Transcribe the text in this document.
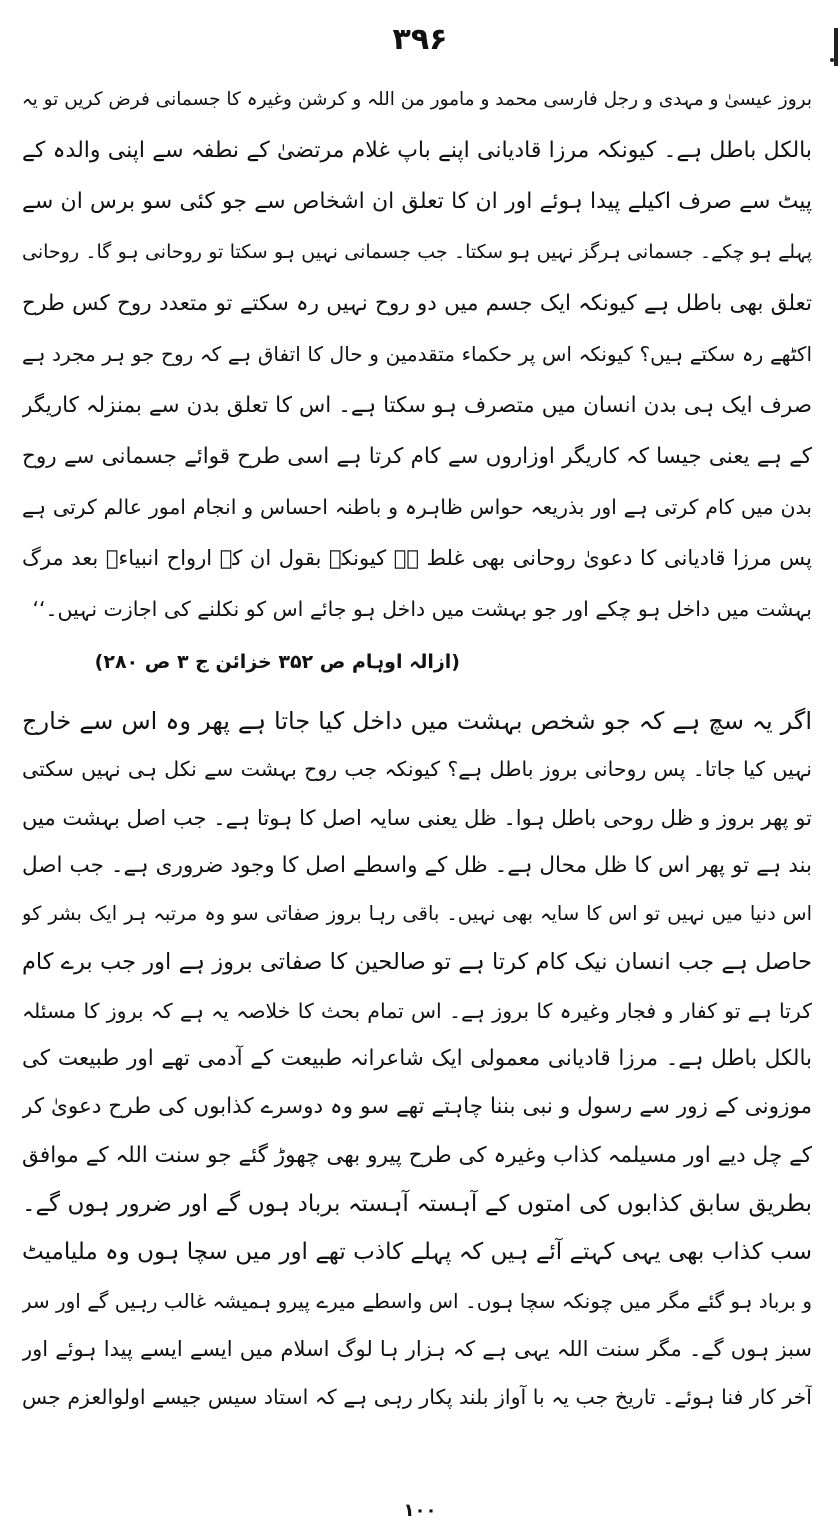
۳۹۶
بروز عیسیٰ و مہدی و رجل فارسی محمد و مامور من اللہ و کرشن وغیرہ کا جسمانی فرض کریں تو یہ
بالکل باطل ہے۔ کیونکہ مرزا قادیانی اپنے باپ غلام مرتضیٰ کے نطفہ سے اپنی والدہ کے
پیٹ سے صرف اکیلے پیدا ہوئے اور ان کا تعلق ان اشخاص سے جو کئی سو برس ان سے
پہلے ہو چکے۔ جسمانی ہرگز نہیں ہو سکتا۔ جب جسمانی نہیں ہو سکتا تو روحانی ہو گا۔ روحانی
تعلق بھی باطل ہے کیونکہ ایک جسم میں دو روح نہیں رہ سکتے تو متعدد روح کس طرح
اکٹھے رہ سکتے ہیں؟ کیونکہ اس پر حکماء متقدمین و حال کا اتفاق ہے کہ روح جو ہر مجرد ہے
صرف ایک ہی بدن انسان میں متصرف ہو سکتا ہے۔ اس کا تعلق بدن سے بمنزلہ کاریگر
کے ہے یعنی جیسا کہ کاریگر اوزاروں سے کام کرتا ہے اسی طرح قوائے جسمانی سے روح
بدن میں کام کرتی ہے اور بذریعہ حواس ظاہرہ و باطنہ احساس و انجام امور عالم کرتی ہے
پس مرزا قادیانی کا دعویٰ روحانی بھی غلط ہے کیونکہ بقول ان کے ارواح انبیاءؑ بعد مرگ
بہشت میں داخل ہو چکے اور جو بہشت میں داخل ہو جائے اس کو نکلنے کی اجازت نہیں۔‘‘
(ازالہ اوہام ص ۳۵۲ خزائن ج ۳ ص ۲۸۰)
اگر یہ سچ ہے کہ جو شخص بہشت میں داخل کیا جاتا ہے پھر وہ اس سے خارج
نہیں کیا جاتا۔ پس روحانی بروز باطل ہے؟ کیونکہ جب روح بہشت سے نکل ہی نہیں سکتی
تو پھر بروز و ظل روحی باطل ہوا۔ ظل یعنی سایہ اصل کا ہوتا ہے۔ جب اصل بہشت میں
بند ہے تو پھر اس کا ظل محال ہے۔ ظل کے واسطے اصل کا وجود ضروری ہے۔ جب اصل
اس دنیا میں نہیں تو اس کا سایہ بھی نہیں۔ باقی رہا بروز صفاتی سو وہ مرتبہ ہر ایک بشر کو
حاصل ہے جب انسان نیک کام کرتا ہے تو صالحین کا صفاتی بروز ہے اور جب برے کام
کرتا ہے تو کفار و فجار وغیرہ کا بروز ہے۔ اس تمام بحث کا خلاصہ یہ ہے کہ بروز کا مسئلہ
بالکل باطل ہے۔ مرزا قادیانی معمولی ایک شاعرانہ طبیعت کے آدمی تھے اور طبیعت کی
موزونی کے زور سے رسول و نبی بننا چاہتے تھے سو وہ دوسرے کذابوں کی طرح دعویٰ کر
کے چل دیے اور مسیلمہ کذاب وغیرہ کی طرح پیرو بھی چھوڑ گئے جو سنت اللہ کے موافق
بطریق سابق کذابوں کی امتوں کے آہستہ آہستہ برباد ہوں گے اور ضرور ہوں گے۔
سب کذاب بھی یہی کہتے آئے ہیں کہ پہلے کاذب تھے اور میں سچا ہوں وہ ملیامیٹ
و برباد ہو گئے مگر میں چونکہ سچا ہوں۔ اس واسطے میرے پیرو ہمیشہ غالب رہیں گے اور سر
سبز ہوں گے۔ مگر سنت اللہ یہی ہے کہ ہزار ہا لوگ اسلام میں ایسے ایسے پیدا ہوئے اور
آخر کار فنا ہوئے۔ تاریخ جب یہ با آواز بلند پکار رہی ہے کہ استاد سیس جیسے اولوالعزم جس
۱۰۰
